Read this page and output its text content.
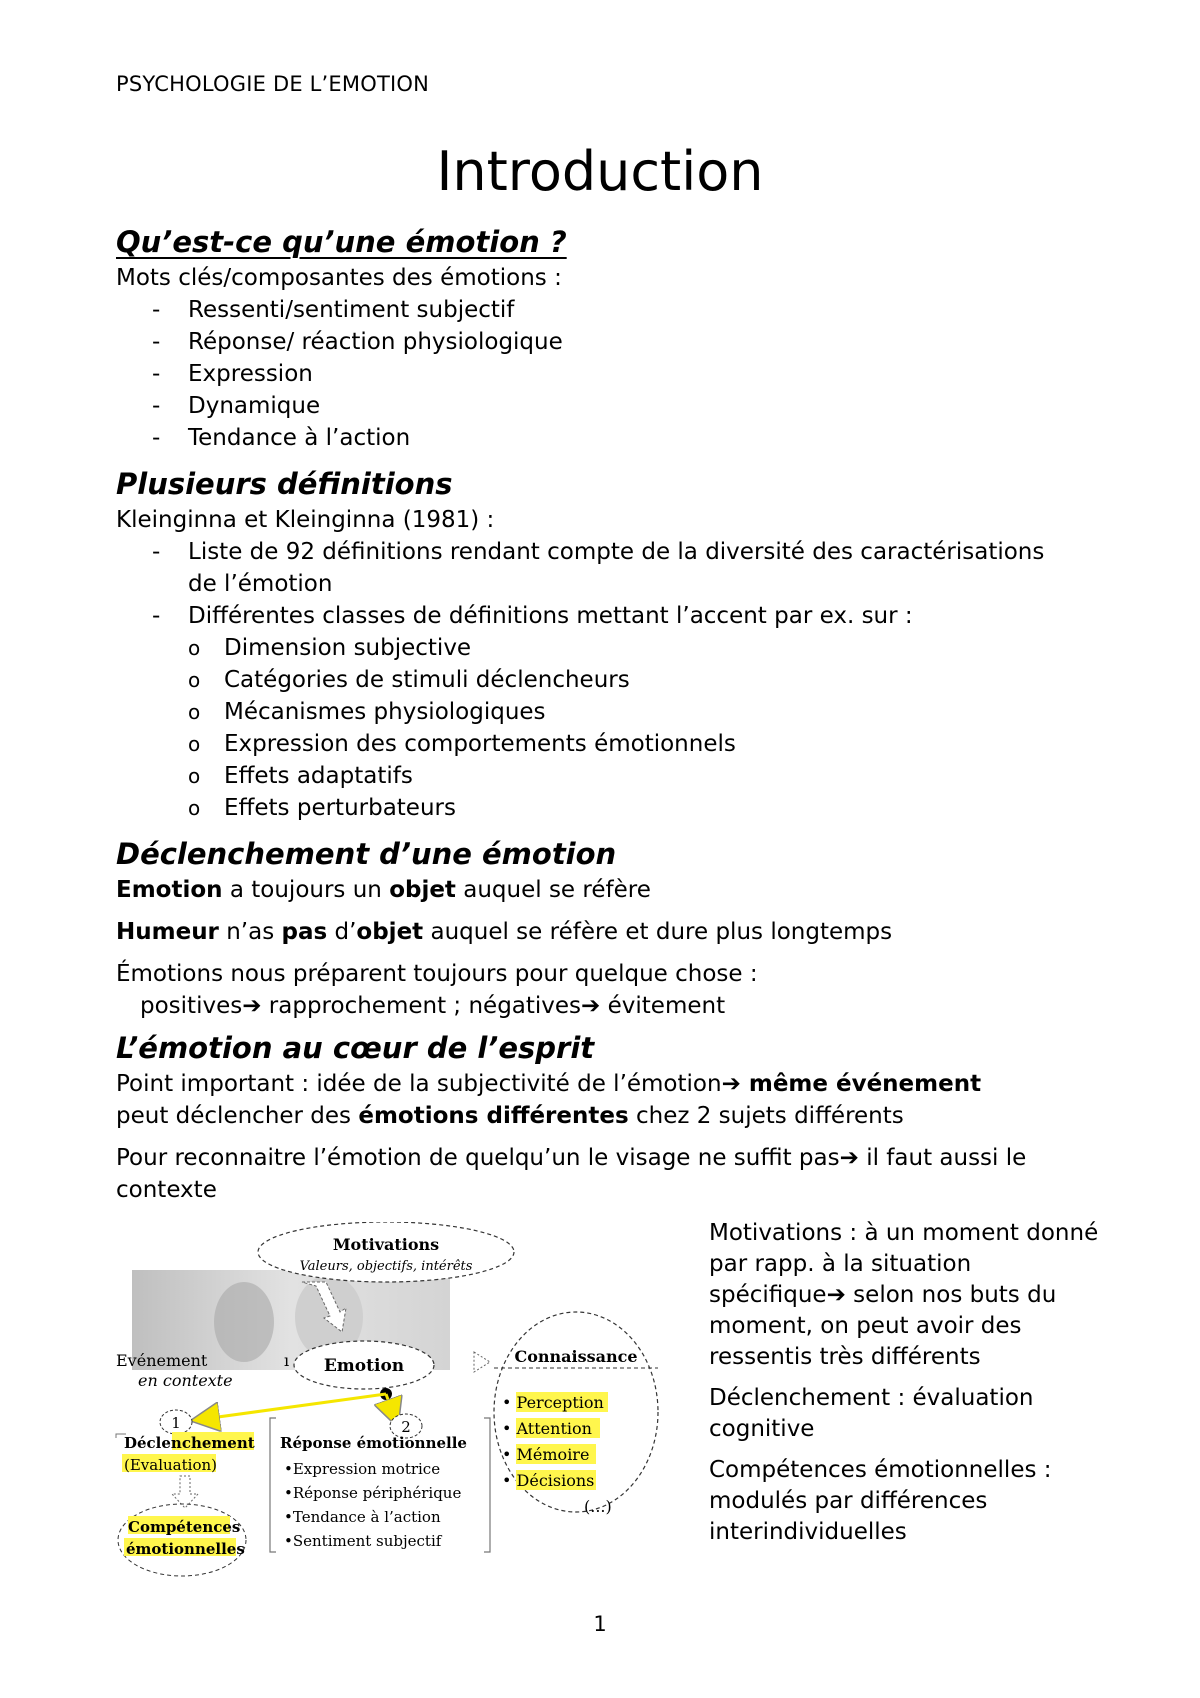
PSYCHOLOGIE DE L’EMOTION
Introduction
Qu’est-ce qu’une émotion ?

Mots clés/composantes des émotions :

- Ressenti/sentiment subjectif
- Réponse/ réaction physiologique
- Expression
- Dynamique
- Tendance à l’action
Plusieurs définitions

Kleinginna et Kleinginna (1981) :

- Liste de 92 définitions rendant compte de la diversité des caractérisations de l’émotion
- Différentes classes de définitions mettant l’accent par ex. sur :
o Dimension subjective
o Catégories de stimuli déclencheurs
o Mécanismes physiologiques
o Expression des comportements émotionnels
o Effets adaptatifs
o Effets perturbateurs
Déclenchement d’une émotion

Emotion a toujours un objet auquel se réfère

Humeur n’as pas d’objet auquel se réfère et dure plus longtemps

Émotions nous préparent toujours pour quelque chose :

positives➔ rapprochement ; négatives➔ évitement

L’émotion au cœur de l’esprit

Point important : idée de la subjectivité de l’émotion➔ même événement
peut déclencher des émotions différentes chez 2 sujets différents

Pour reconnaitre l’émotion de quelqu’un le visage ne suffit pas➔ il faut aussi le contexte

Motivations
Valeurs, objectifs, intérêts
Evénement	ı
en contexte
Emotion	Connaissance
• Perception
• Attention
• Mémoire
• Décisions
(...)
1	2
Déclenchement
(Evaluation)
Réponse émotionnelle
•Expression motrice
•Réponse périphérique
•Tendance à l’action
•Sentiment subjectif
Compétences
émotionnelles

Motivations : à un moment donné par rapp. à la situation spécifique➔ selon nos buts du moment, on peut avoir des ressentis très différents

Déclenchement : évaluation cognitive

Compétences émotionnelles : modulés par différences interindividuelles

1
